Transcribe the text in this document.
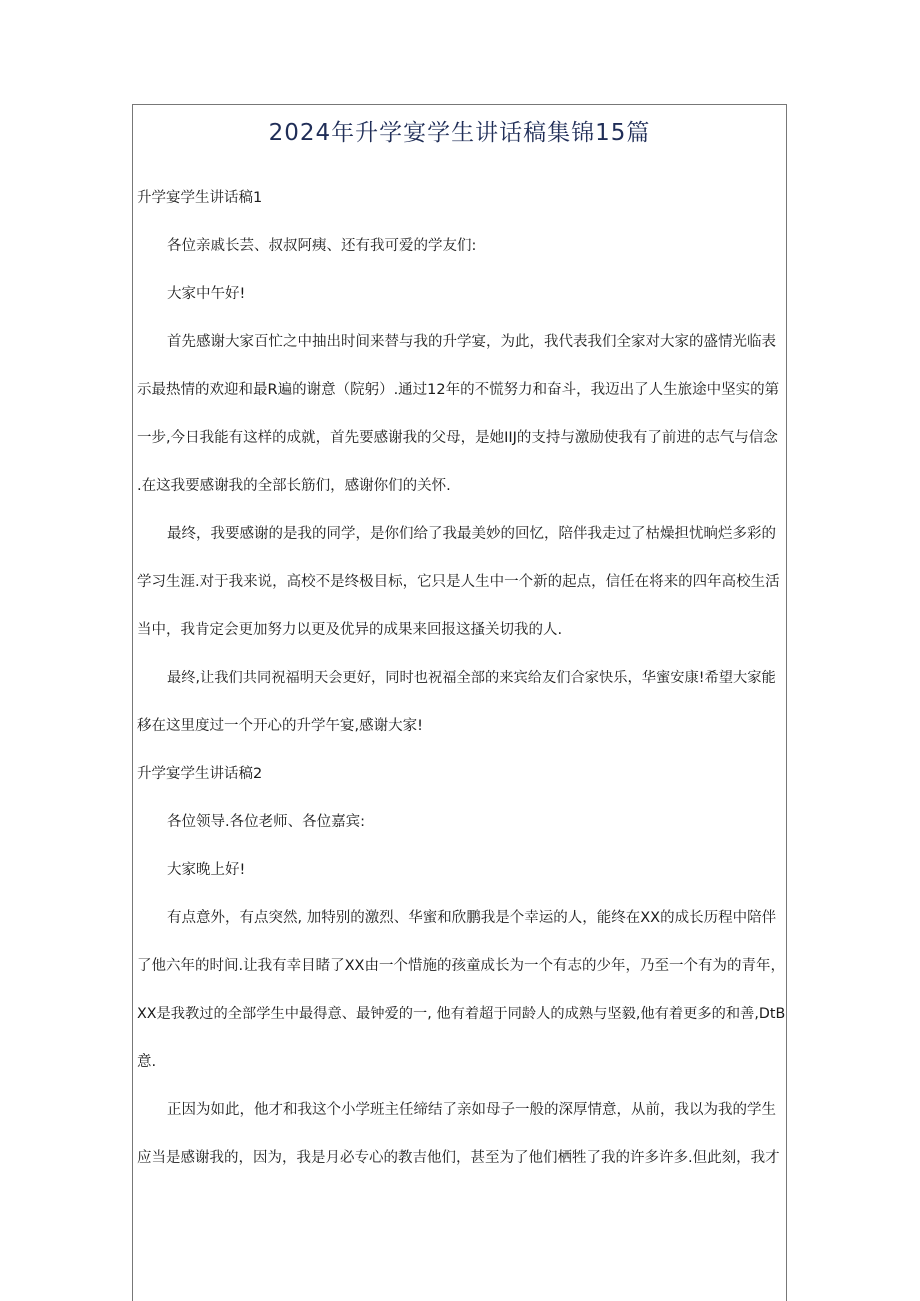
2024年升学宴学生讲话稿集锦15篇

升学宴学生讲话稿1

各位亲戚长芸、叔叔阿痍、还有我可爱的学友们:

大家中午好!

首先感谢大家百忙之中抽出时间来替与我的升学宴，为此，我代表我们全家对大家的盛情光临表

示最热情的欢迎和最R遍的谢意（院躬）.通过12年的不慌努力和奋斗，我迈出了人生旅途中坚实的第

一步,今日我能有这样的成就，首先要感谢我的父母，是她IIJ的支持与激励使我有了前进的志气与信念

.在这我要感谢我的全部长筋们，感谢你们的关怀.

最终，我要感谢的是我的同学，是你们给了我最美妙的回忆，陪伴我走过了枯燥担忧晌烂多彩的

学习生涯.对于我来说，高校不是终极目标，它只是人生中一个新的起点，信任在将来的四年高校生活

当中，我肯定会更加努力以更及优异的成果来回报这搔关切我的人.

最终,让我们共同祝福明天会更好，同时也祝福全部的来宾给友们合家快乐，华蜜安康!希望大家能

移在这里度过一个开心的升学午宴,感谢大家!

升学宴学生讲话稿2

各位领导.各位老师、各位嘉宾:

大家晚上好!

有点意外，有点突然, 加特别的激烈、华蜜和欣鹏我是个幸运的人，能终在XX的成长历程中陪伴

了他六年的时间.让我有幸目睹了XX由一个惜施的孩童成长为一个有志的少年，乃至一个有为的青年，

XX是我教过的全部学生中最得意、最钟爱的一, 他有着超于同龄人的成熟与坚毅,他有着更多的和善,DtB

意.

正因为如此，他才和我这个小学班主任缔结了亲如母子一般的深厚情意，从前，我以为我的学生

应当是感谢我的，因为，我是月必专心的教吉他们，甚至为了他们栖牲了我的许多许多.但此刻，我才
